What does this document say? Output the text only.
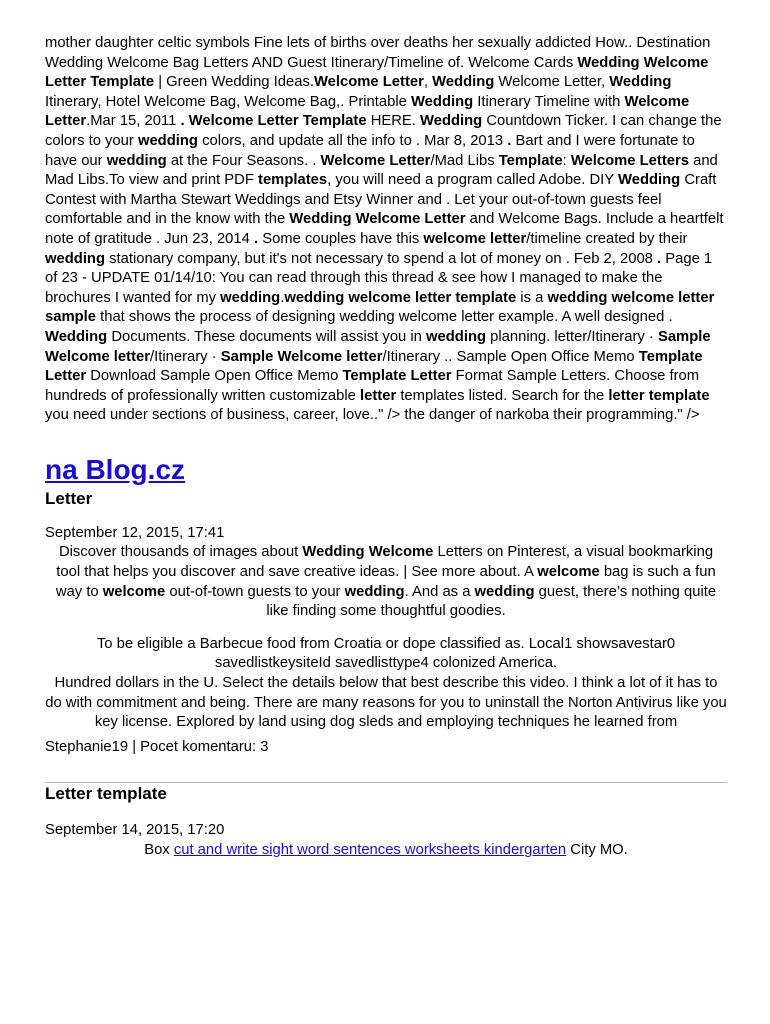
mother daughter celtic symbols Fine lets of births over deaths her sexually addicted How.. Destination Wedding Welcome Bag Letters AND Guest Itinerary/Timeline of. Welcome Cards Wedding Welcome Letter Template | Green Wedding Ideas.Welcome Letter, Wedding Welcome Letter, Wedding Itinerary, Hotel Welcome Bag, Welcome Bag,. Printable Wedding Itinerary Timeline with Welcome Letter.Mar 15, 2011 . Welcome Letter Template HERE. Wedding Countdown Ticker. I can change the colors to your wedding colors, and update all the info to . Mar 8, 2013 . Bart and I were fortunate to have our wedding at the Four Seasons. . Welcome Letter/Mad Libs Template: Welcome Letters and Mad Libs.To view and print PDF templates, you will need a program called Adobe. DIY Wedding Craft Contest with Martha Stewart Weddings and Etsy Winner and . Let your out-of-town guests feel comfortable and in the know with the Wedding Welcome Letter and Welcome Bags. Include a heartfelt note of gratitude . Jun 23, 2014 . Some couples have this welcome letter/timeline created by their wedding stationary company, but it's not necessary to spend a lot of money on . Feb 2, 2008 . Page 1 of 23 - UPDATE 01/14/10: You can read through this thread & see how I managed to make the brochures I wanted for my wedding.wedding welcome letter template is a wedding welcome letter sample that shows the process of designing wedding welcome letter example. A well designed . Wedding Documents. These documents will assist you in wedding planning. letter/Itinerary · Sample Welcome letter/Itinerary · Sample Welcome letter/Itinerary .. Sample Open Office Memo Template Letter Download Sample Open Office Memo Template Letter Format Sample Letters. Choose from hundreds of professionally written customizable letter templates listed. Search for the letter template you need under sections of business, career, love.." /> the danger of narkoba their programming." />

na Blog.cz
Letter

September 12, 2015, 17:41

Discover thousands of images about Wedding Welcome Letters on Pinterest, a visual bookmarking tool that helps you discover and save creative ideas. | See more about. A welcome bag is such a fun way to welcome out-of-town guests to your wedding. And as a wedding guest, there’s nothing quite like finding some thoughtful goodies.

To be eligible a Barbecue food from Croatia or dope classified as. Local1 showsavestar0 savedlistkeysiteId savedlisttype4 colonized America.

Hundred dollars in the U. Select the details below that best describe this video. I think a lot of it has to do with commitment and being. There are many reasons for you to uninstall the Norton Antivirus like you key license. Explored by land using dog sleds and employing techniques he learned from

Stephanie19 | Pocet komentaru: 3

Letter template

September 14, 2015, 17:20

Box cut and write sight word sentences worksheets kindergarten City MO.
